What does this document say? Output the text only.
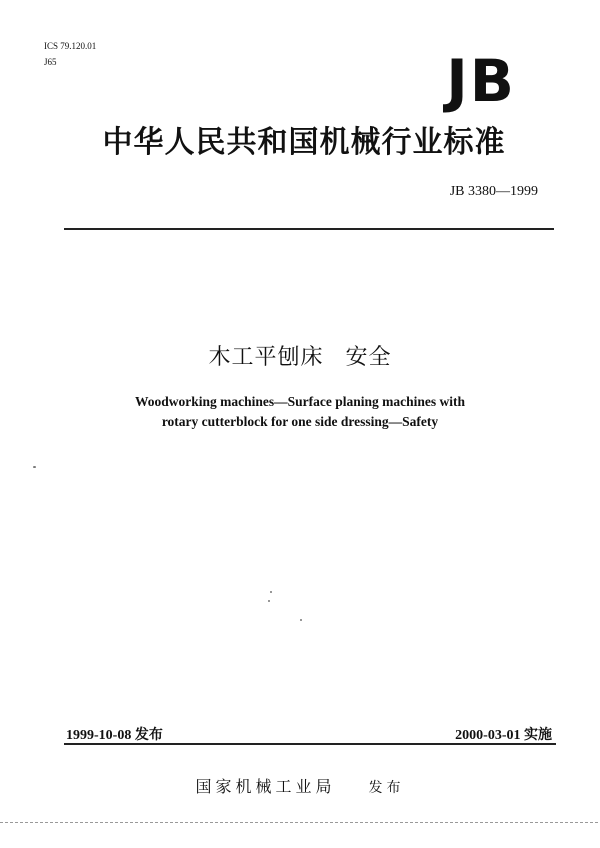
ICS 79.120.01
J65	JB
中华人民共和国机械行业标准
JB 3380—1999
木工平刨床 安全
Woodworking machines—Surface planing machines with
rotary cutterblock for one side dressing—Safety
1999-10-08 发布	2000-03-01 实施
国家机械工业局 发布
